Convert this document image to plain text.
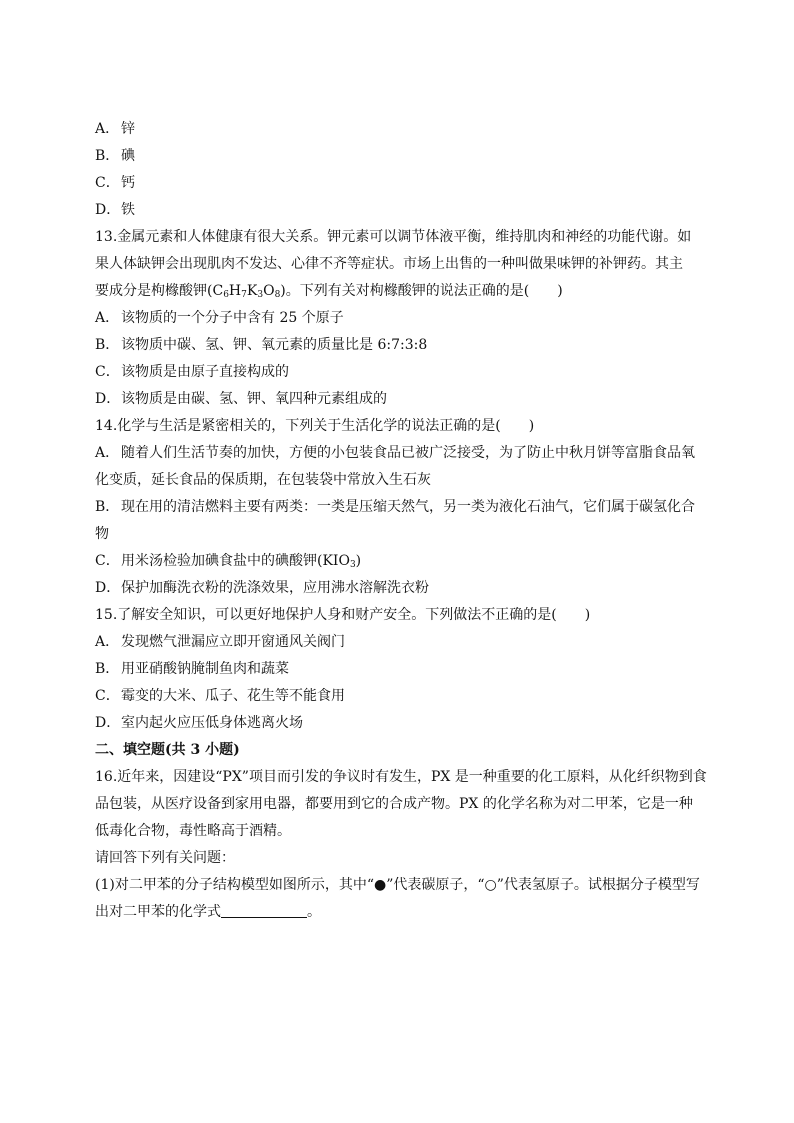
A． 锌
B． 碘
C．钙
D．铁
13.金属元素和人体健康有很大关系。钾元素可以调节体液平衡，维持肌肉和神经的功能代谢。如
果人体缺钾会出现肌肉不发达、心律不齐等症状。市场上出售的一种叫做果味钾的补钾药。其主
要成分是枸橼酸钾$(C_6H_7K_3O_8)$。下列有关对枸橼酸钾的说法正确的是(　　)
A． 该物质的一个分子中含有 25 个原子
B． 该物质中碳、氢、钾、氧元素的质量比是 6:7:3:8
C．该物质是由原子直接构成的
D．该物质是由碳、氢、钾、氧四种元素组成的
14.化学与生活是紧密相关的，下列关于生活化学的说法正确的是(　　)
A． 随着人们生活节奏的加快，方便的小包装食品已被广泛接受，为了防止中秋月饼等富脂食品氧
化变质，延长食品的保质期，在包装袋中常放入生石灰
B． 现在用的清洁燃料主要有两类：一类是压缩天然气，另一类为液化石油气，它们属于碳氢化合
物
C．用米汤检验加碘食盐中的碘酸钾$(KIO_3)$
D．保护加酶洗衣粉的洗涤效果，应用沸水溶解洗衣粉
15.了解安全知识，可以更好地保护人身和财产安全。下列做法不正确的是(　　)
A． 发现燃气泄漏应立即开窗通风关阀门
B． 用亚硝酸钠腌制鱼肉和蔬菜
C．霉变的大米、瓜子、花生等不能食用
D．室内起火应压低身体逃离火场
二、填空题(共 3 小题)
16.近年来，因建设“PX”项目而引发的争议时有发生，PX 是一种重要的化工原料，从化纤织物到食
品包装，从医疗设备到家用电器，都要用到它的合成产物。PX 的化学名称为对二甲苯，它是一种
低毒化合物，毒性略高于酒精。
请回答下列有关问题：
(1)对二甲苯的分子结构模型如图所示，其中“●”代表碳原子，“○”代表氢原子。试根据分子模型写
出对二甲苯的化学式	。
